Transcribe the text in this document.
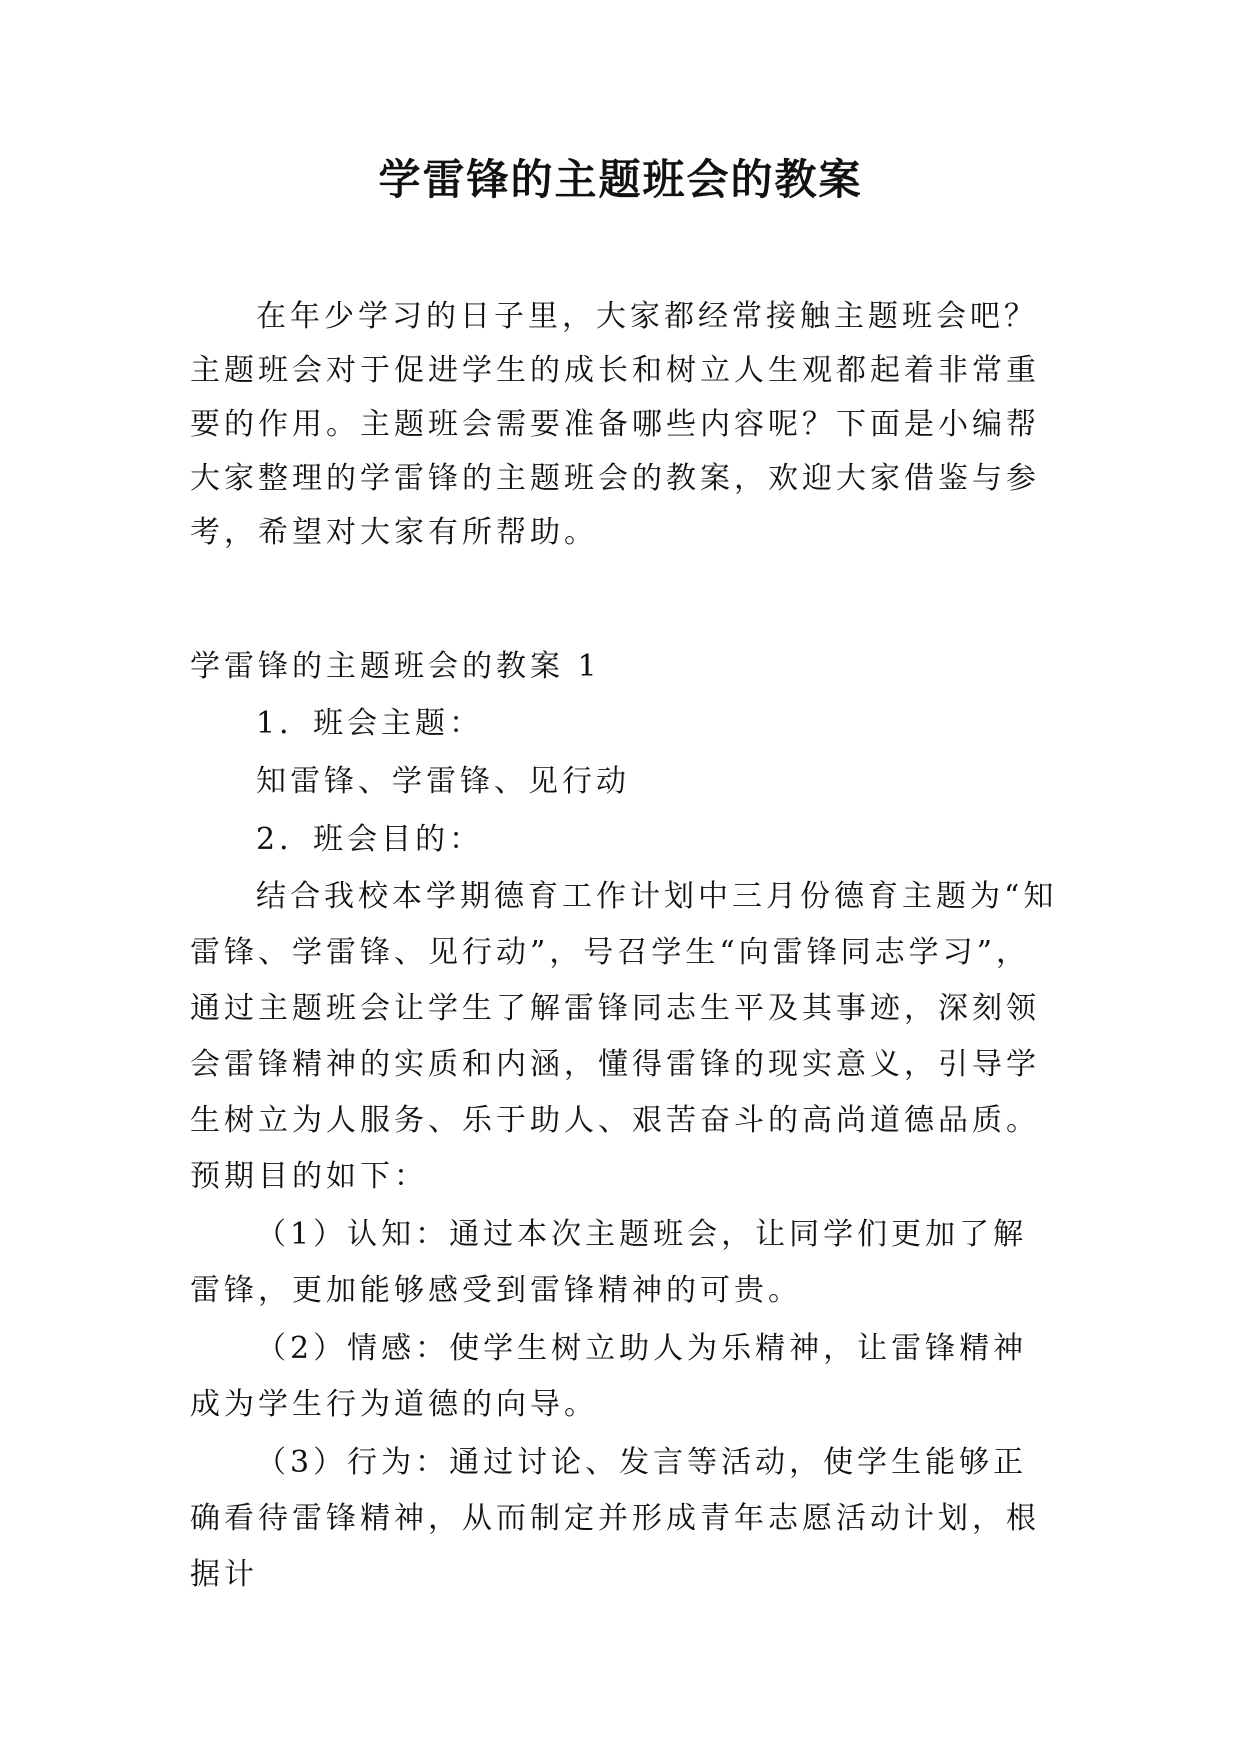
学雷锋的主题班会的教案

在年少学习的日子里，大家都经常接触主题班会吧？主题班会对于促进学生的成长和树立人生观都起着非常重要的作用。主题班会需要准备哪些内容呢？下面是小编帮大家整理的学雷锋的主题班会的教案，欢迎大家借鉴与参考，希望对大家有所帮助。

学雷锋的主题班会的教案 1

1．班会主题：

知雷锋、学雷锋、见行动

2．班会目的：

结合我校本学期德育工作计划中三月份德育主题为“知雷锋、学雷锋、见行动”，号召学生“向雷锋同志学习”，通过主题班会让学生了解雷锋同志生平及其事迹，深刻领会雷锋精神的实质和内涵，懂得雷锋的现实意义，引导学生树立为人服务、乐于助人、艰苦奋斗的高尚道德品质。预期目的如下：

（1）认知：通过本次主题班会，让同学们更加了解雷锋，更加能够感受到雷锋精神的可贵。

（2）情感：使学生树立助人为乐精神，让雷锋精神成为学生行为道德的向导。

（3）行为：通过讨论、发言等活动，使学生能够正确看待雷锋精神，从而制定并形成青年志愿活动计划，根据计
